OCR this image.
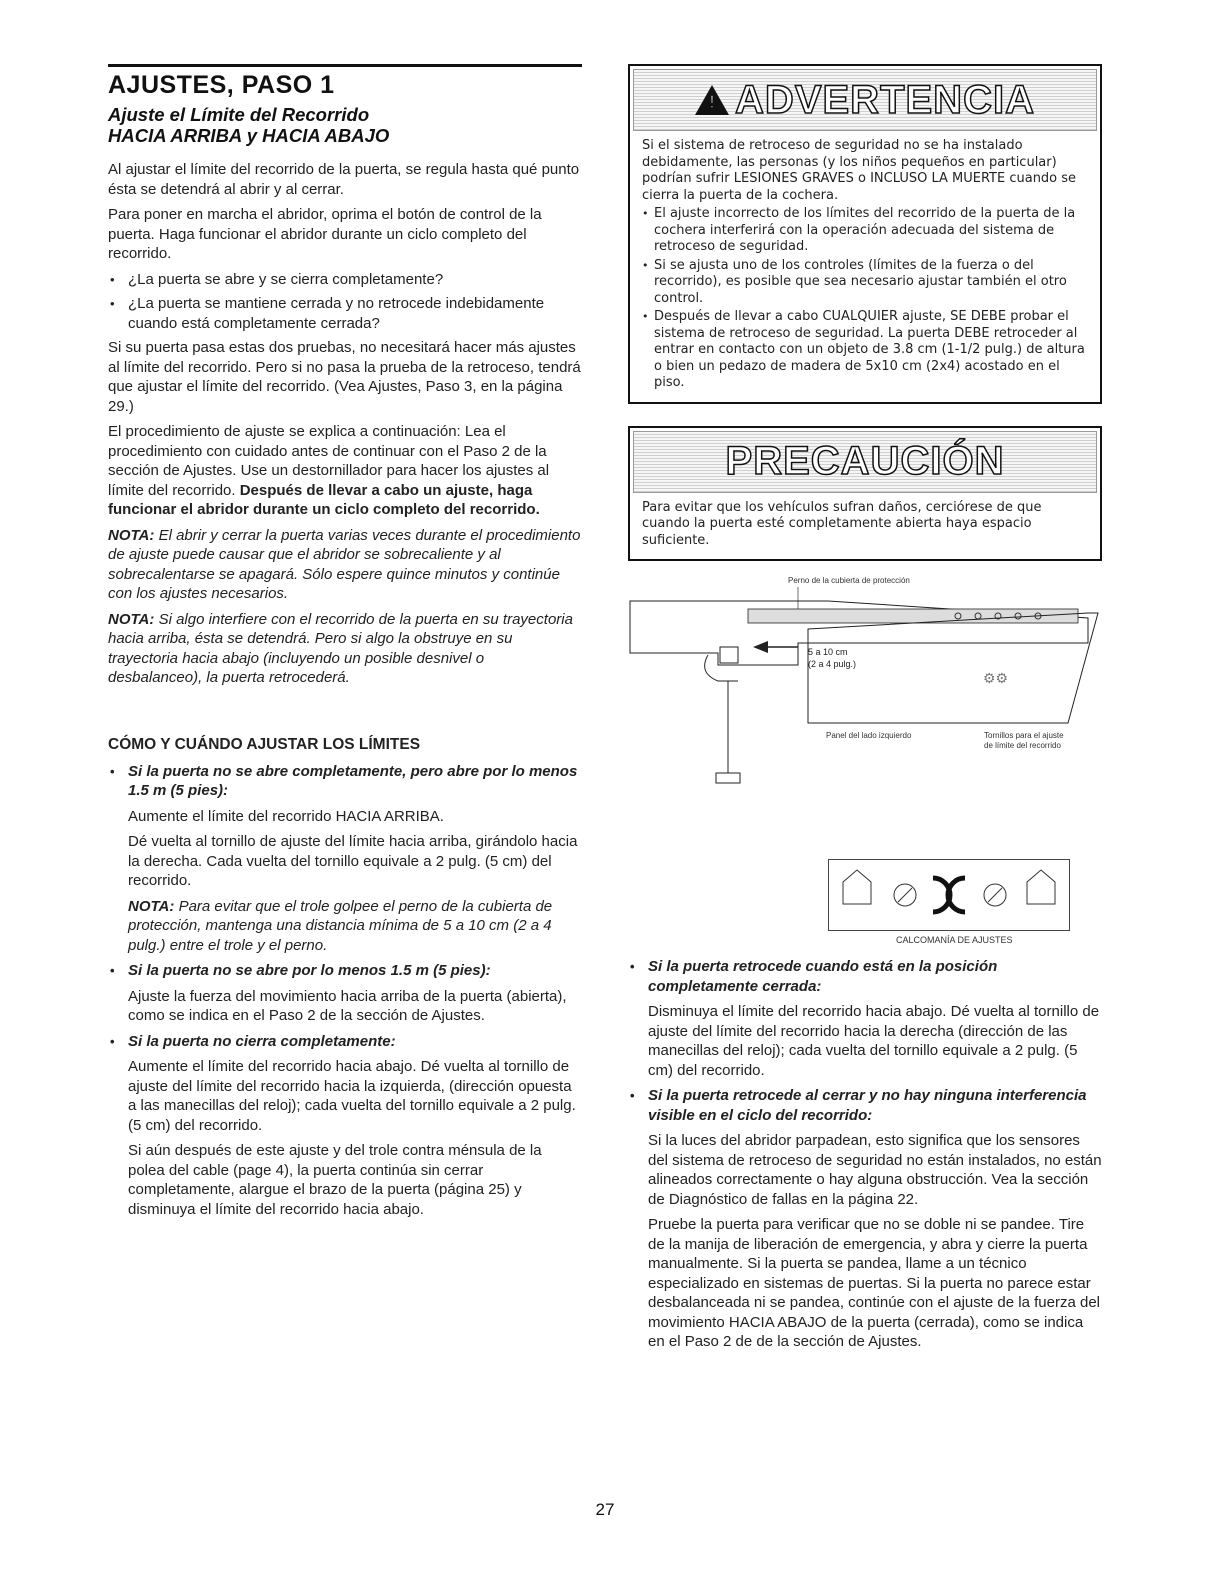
AJUSTES, PASO 1
Ajuste el Límite del Recorrido
HACIA ARRIBA y HACIA ABAJO

Al ajustar el límite del recorrido de la puerta, se regula hasta qué punto ésta se detendrá al abrir y al cerrar.

Para poner en marcha el abridor, oprima el botón de control de la puerta. Haga funcionar el abridor durante un ciclo completo del recorrido.

• ¿La puerta se abre y se cierra completamente?
• ¿La puerta se mantiene cerrada y no retrocede indebidamente cuando está completamente cerrada?

Si su puerta pasa estas dos pruebas, no necesitará hacer más ajustes al límite del recorrido. Pero si no pasa la prueba de la retroceso, tendrá que ajustar el límite del recorrido. (Vea Ajustes, Paso 3, en la página 29.)

El procedimiento de ajuste se explica a continuación: Lea el procedimiento con cuidado antes de continuar con el Paso 2 de la sección de Ajustes. Use un destornillador para hacer los ajustes al límite del recorrido. Después de llevar a cabo un ajuste, haga funcionar el abridor durante un ciclo completo del recorrido.

NOTA: El abrir y cerrar la puerta varias veces durante el procedimiento de ajuste puede causar que el abridor se sobrecaliente y al sobrecalentarse se apagará. Sólo espere quince minutos y continúe con los ajustes necesarios.

NOTA: Si algo interfiere con el recorrido de la puerta en su trayectoria hacia arriba, ésta se detendrá. Pero si algo la obstruye en su trayectoria hacia abajo (incluyendo un posible desnivel o desbalanceo), la puerta retrocederá.

CÓMO Y CUÁNDO AJUSTAR LOS LÍMITES
• Si la puerta no se abre completamente, pero abre por lo menos 1.5 m (5 pies):

Aumente el límite del recorrido HACIA ARRIBA.

Dé vuelta al tornillo de ajuste del límite hacia arriba, girándolo hacia la derecha. Cada vuelta del tornillo equivale a 2 pulg. (5 cm) del recorrido.

NOTA: Para evitar que el trole golpee el perno de la cubierta de protección, mantenga una distancia mínima de 5 a 10 cm (2 a 4 pulg.) entre el trole y el perno.

• Si la puerta no se abre por lo menos 1.5 m (5 pies):

Ajuste la fuerza del movimiento hacia arriba de la puerta (abierta), como se indica en el Paso 2 de la sección de Ajustes.

• Si la puerta no cierra completamente:

Aumente el límite del recorrido hacia abajo. Dé vuelta al tornillo de ajuste del límite del recorrido hacia la izquierda, (dirección opuesta a las manecillas del reloj); cada vuelta del tornillo equivale a 2 pulg. (5 cm) del recorrido.

Si aún después de este ajuste y del trole contra ménsula de la polea del cable (page 4), la puerta continúa sin cerrar completamente, alargue el brazo de la puerta (página 25) y disminuya el límite del recorrido hacia abajo.

! ADVERTENCIA

Si el sistema de retroceso de seguridad no se ha instalado debidamente, las personas (y los niños pequeños en particular) podrían sufrir LESIONES GRAVES o INCLUSO LA MUERTE cuando se cierra la puerta de la cochera.

• El ajuste incorrecto de los límites del recorrido de la puerta de la cochera interferirá con la operación adecuada del sistema de retroceso de seguridad.
• Si se ajusta uno de los controles (límites de la fuerza o del recorrido), es posible que sea necesario ajustar también el otro control.
• Después de llevar a cabo CUALQUIER ajuste, SE DEBE probar el sistema de retroceso de seguridad. La puerta DEBE retroceder al entrar en contacto con un objeto de 3.8 cm (1-1/2 pulg.) de altura o bien un pedazo de madera de 5x10 cm (2x4) acostado en el piso.
PRECAUCIÓN

Para evitar que los vehículos sufran daños, cerciórese de que cuando la puerta esté completamente abierta haya espacio suficiente.

Perno de la cubierta de protección
5 a 10 cm
(2 a 4 pulg.)
⚙⚙
Panel del lado izquierdo	Tornillos para el ajuste
de límite del recorrido
CALCOMANÍA DE AJUSTES
• Si la puerta retrocede cuando está en la posición completamente cerrada:

Disminuya el límite del recorrido hacia abajo. Dé vuelta al tornillo de ajuste del límite del recorrido hacia la derecha (dirección de las manecillas del reloj); cada vuelta del tornillo equivale a 2 pulg. (5 cm) del recorrido.

• Si la puerta retrocede al cerrar y no hay ninguna interferencia visible en el ciclo del recorrido:

Si la luces del abridor parpadean, esto significa que los sensores del sistema de retroceso de seguridad no están instalados, no están alineados correctamente o hay alguna obstrucción. Vea la sección de Diagnóstico de fallas en la página 22.

Pruebe la puerta para verificar que no se doble ni se pandee. Tire de la manija de liberación de emergencia, y abra y cierre la puerta manualmente. Si la puerta se pandea, llame a un técnico especializado en sistemas de puertas. Si la puerta no parece estar desbalanceada ni se pandea, continúe con el ajuste de la fuerza del movimiento HACIA ABAJO de la puerta (cerrada), como se indica en el Paso 2 de de la sección de Ajustes.

27
